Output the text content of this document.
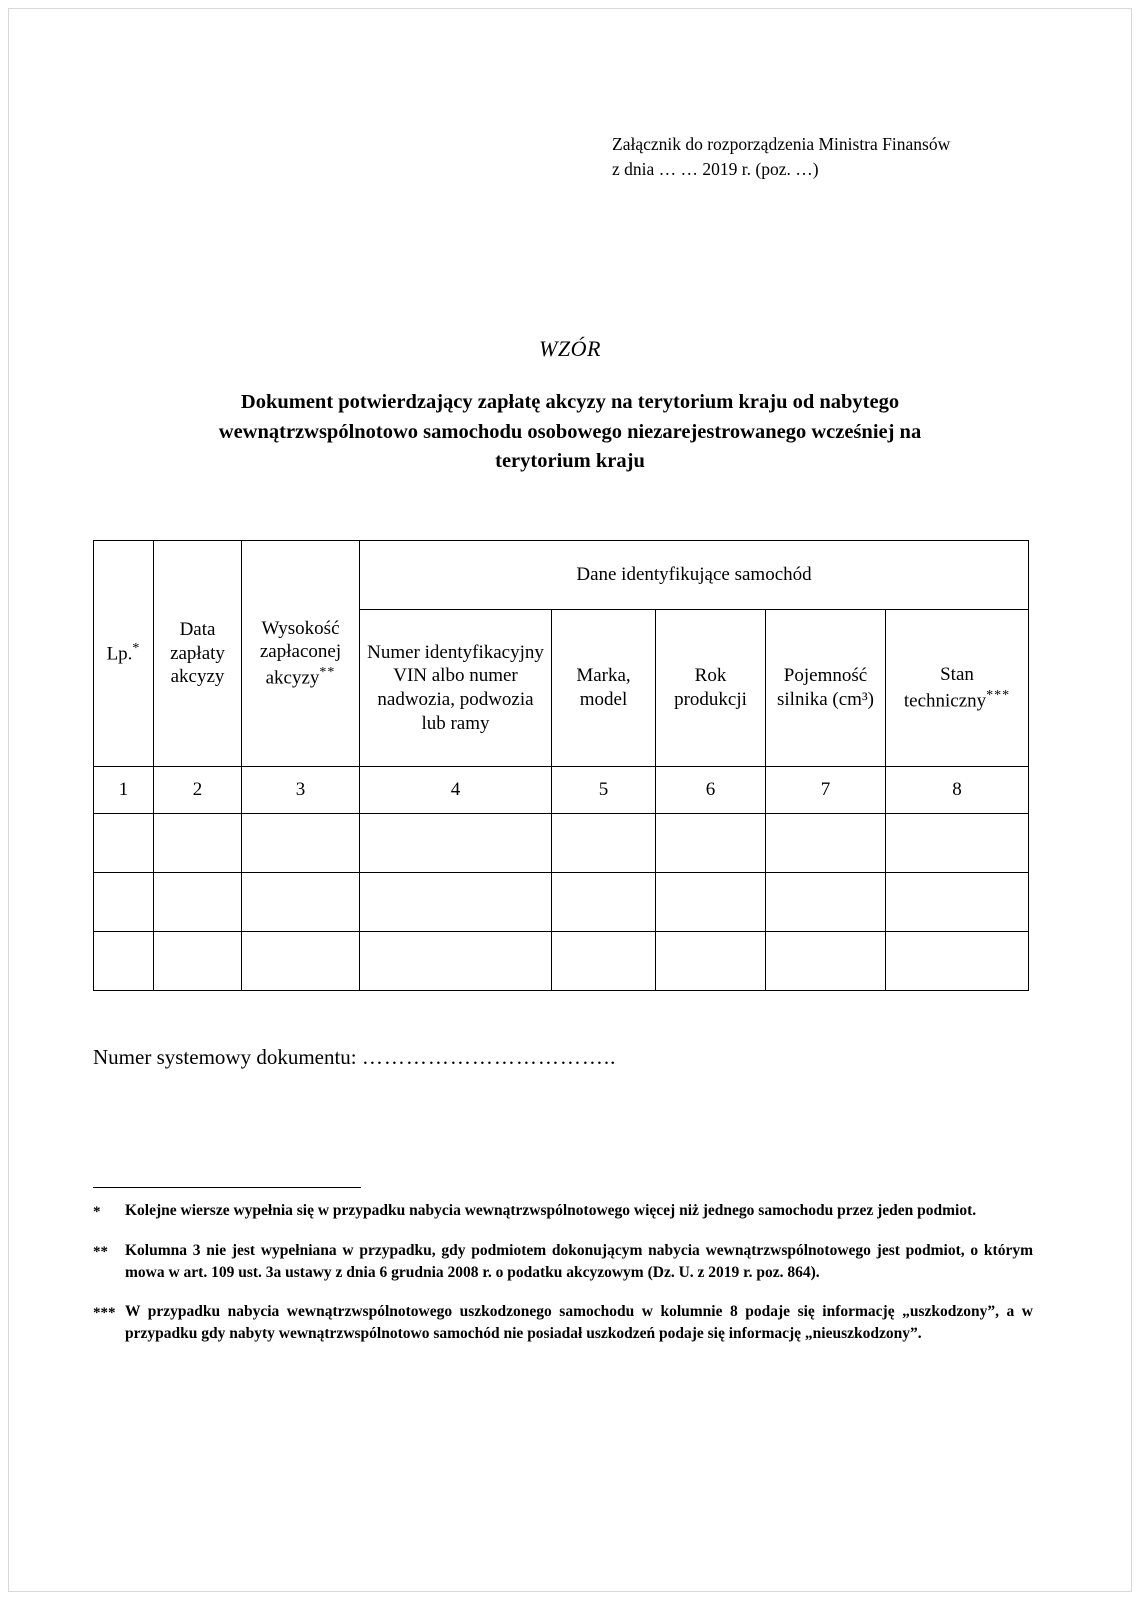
Załącznik do rozporządzenia Ministra Finansów
z dnia … … 2019 r. (poz. …)
WZÓR
Dokument potwierdzający zapłatę akcyzy na terytorium kraju od nabytego wewnątrzwspólnotowo samochodu osobowego niezarejestrowanego wcześniej na terytorium kraju
Lp.*	Data zapłaty akcyzy	Wysokość zapłaconej akcyzy**	Dane identyfikujące samochód				
			Numer identyfikacyjny VIN albo numer nadwozia, podwozia lub ramy	Marka, model	Rok produkcji	Pojemność silnika (cm³)	Stan techniczny***
1	2	3	4	5	6	7	8

Numer systemowy dokumentu: ……………………………..
*	Kolejne wiersze wypełnia się w przypadku nabycia wewnątrzwspólnotowego więcej niż jednego samochodu przez jeden podmiot.
**	Kolumna 3 nie jest wypełniana w przypadku, gdy podmiotem dokonującym nabycia wewnątrzwspólnotowego jest podmiot, o którym mowa w art. 109 ust. 3a ustawy z dnia 6 grudnia 2008 r. o podatku akcyzowym (Dz. U. z 2019 r. poz. 864).
*** W przypadku nabycia wewnątrzwspólnotowego uszkodzonego samochodu w kolumnie 8 podaje się informację „uszkodzony”, a w przypadku gdy nabyty wewnątrzwspólnotowo samochód nie posiadał uszkodzeń podaje się informację „nieuszkodzony”.
